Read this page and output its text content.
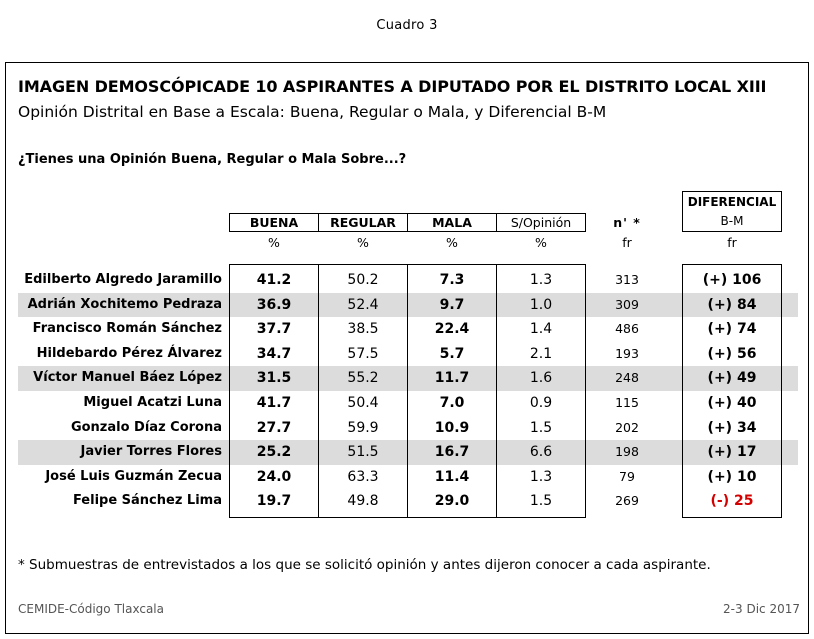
Cuadro 3
IMAGEN DEMOSCÓPICADE 10 ASPIRANTES A DIPUTADO POR EL DISTRITO LOCAL XIII
Opinión Distrital en Base a Escala: Buena, Regular o Mala, y Diferencial B-M
¿Tienes una Opinión Buena, Regular o Mala Sobre...?
BUENA	REGULAR	MALA	S/Opinión	n' *
DIFERENCIAL
B-M
%	%	%	%	fr	fr
Edilberto Algredo Jaramillo	41.2	50.2	7.3	1.3	313	(+) 106
Adrián Xochitemo Pedraza	36.9	52.4	9.7	1.0	309	(+) 84
Francisco Román Sánchez	37.7	38.5	22.4	1.4	486	(+) 74
Hildebardo Pérez Álvarez	34.7	57.5	5.7	2.1	193	(+) 56
Víctor Manuel Báez López	31.5	55.2	11.7	1.6	248	(+) 49
Miguel Acatzi Luna	41.7	50.4	7.0	0.9	115	(+) 40
Gonzalo Díaz Corona	27.7	59.9	10.9	1.5	202	(+) 34
Javier Torres Flores	25.2	51.5	16.7	6.6	198	(+) 17
José Luis Guzmán Zecua	24.0	63.3	11.4	1.3	79	(+) 10
Felipe Sánchez Lima	19.7	49.8	29.0	1.5	269	(-) 25
* Submuestras de entrevistados a los que se solicitó opinión y antes dijeron conocer a cada aspirante.
CEMIDE-Código Tlaxcala	2-3 Dic 2017
